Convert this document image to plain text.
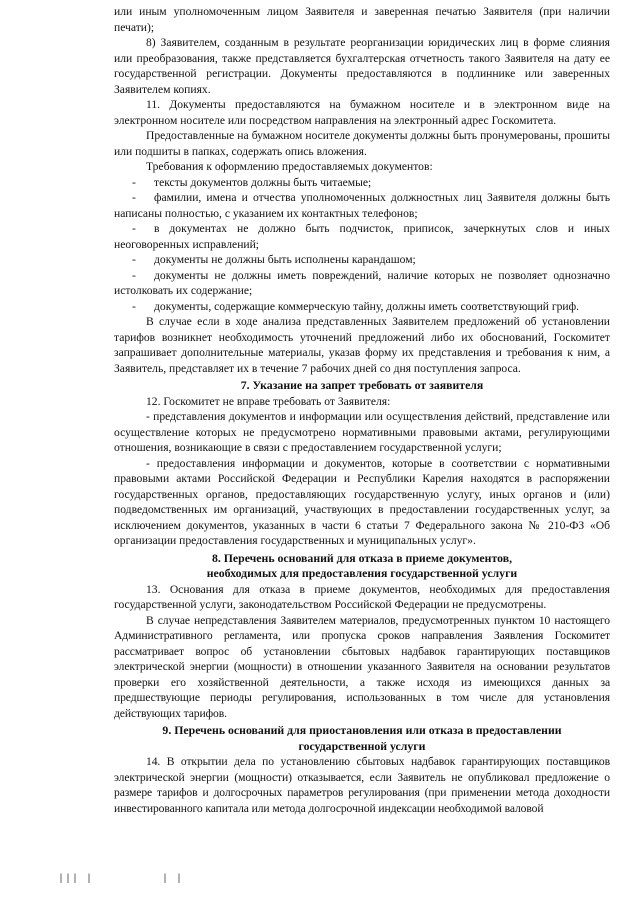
или иным уполномоченным лицом Заявителя и заверенная печатью Заявителя (при наличии печати);

8) Заявителем, созданным в результате реорганизации юридических лиц в форме слияния или преобразования, также представляется бухгалтерская отчетность такого Заявителя на дату ее государственной регистрации. Документы предоставляются в подлиннике или заверенных Заявителем копиях.

11. Документы предоставляются на бумажном носителе и в электронном виде на электронном носителе или посредством направления на электронный адрес Госкомитета.

Предоставленные на бумажном носителе документы должны быть пронумерованы, прошиты или подшиты в папках, содержать опись вложения.

Требования к оформлению предоставляемых документов:

- тексты документов должны быть читаемые;

- фамилии, имена и отчества уполномоченных должностных лиц Заявителя должны быть написаны полностью, с указанием их контактных телефонов;

- в документах не должно быть подчисток, приписок, зачеркнутых слов и иных неоговоренных исправлений;

- документы не должны быть исполнены карандашом;

- документы не должны иметь повреждений, наличие которых не позволяет однозначно истолковать их содержание;

- документы, содержащие коммерческую тайну, должны иметь соответствующий гриф.

В случае если в ходе анализа представленных Заявителем предложений об установлении тарифов возникнет необходимость уточнений предложений либо их обоснований, Госкомитет запрашивает дополнительные материалы, указав форму их представления и требования к ним, а Заявитель, представляет их в течение 7 рабочих дней со дня поступления запроса.

7. Указание на запрет требовать от заявителя

12. Госкомитет не вправе требовать от Заявителя:

- представления документов и информации или осуществления действий, представление или осуществление которых не предусмотрено нормативными правовыми актами, регулирующими отношения, возникающие в связи с предоставлением государственной услуги;

- предоставления информации и документов, которые в соответствии с нормативными правовыми актами Российской Федерации и Республики Карелия находятся в распоряжении государственных органов, предоставляющих государственную услугу, иных органов и (или) подведомственных им организаций, участвующих в предоставлении государственных услуг, за исключением документов, указанных в части 6 статьи 7 Федерального закона № 210-ФЗ «Об организации предоставления государственных и муниципальных услуг».

8. Перечень оснований для отказа в приеме документов,
необходимых для предоставления государственной услуги

13. Основания для отказа в приеме документов, необходимых для предоставления государственной услуги, законодательством Российской Федерации не предусмотрены.

В случае непредставления Заявителем материалов, предусмотренных пунктом 10 настоящего Административного регламента, или пропуска сроков направления Заявления Госкомитет рассматривает вопрос об установлении сбытовых надбавок гарантирующих поставщиков электрической энергии (мощности) в отношении указанного Заявителя на основании результатов проверки его хозяйственной деятельности, а также исходя из имеющихся данных за предшествующие периоды регулирования, использованных в том числе для установления действующих тарифов.

9. Перечень оснований для приостановления или отказа в предоставлении
государственной услуги

14. В открытии дела по установлению сбытовых надбавок гарантирующих поставщиков электрической энергии (мощности) отказывается, если Заявитель не опубликовал предложение о размере тарифов и долгосрочных параметров регулирования (при применении метода доходности инвестированного капитала или метода долгосрочной индексации необходимой валовой

||| |	| |
